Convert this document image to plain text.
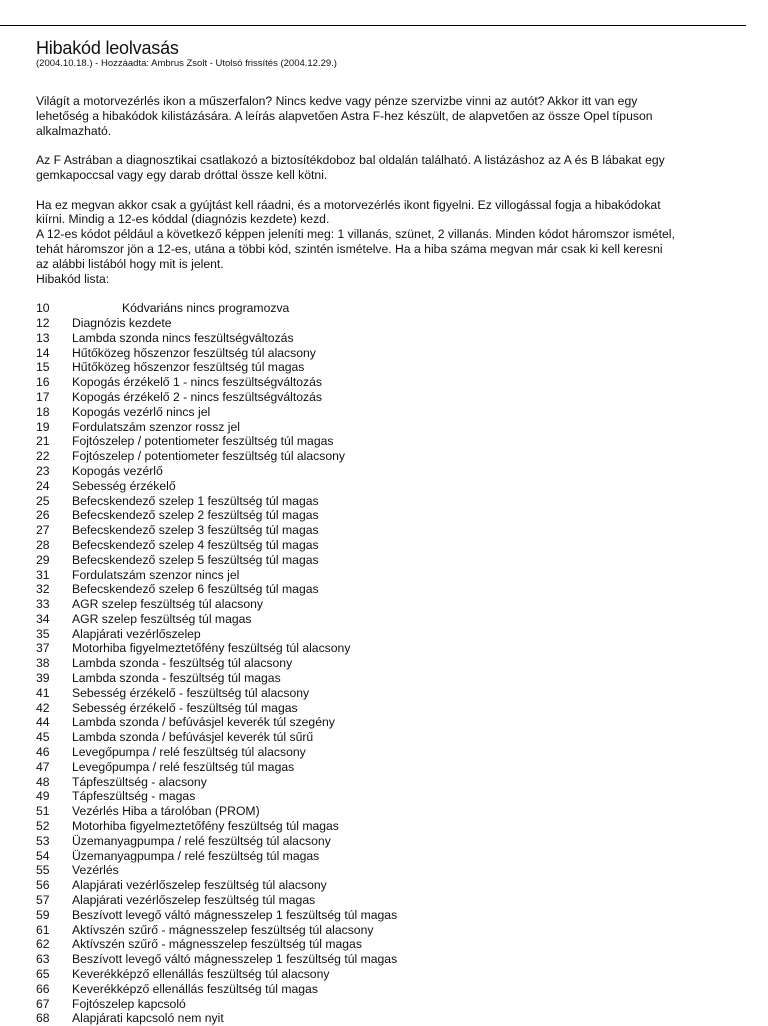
Hibakód leolvasás

(2004.10.18.) - Hozzáadta: Ambrus Zsolt - Utolsó frissítés (2004.12.29.)

Világít a motorvezérlés ikon a műszerfalon? Nincs kedve vagy pénze szervizbe vinni az autót? Akkor itt van egy
lehetőség a hibakódok kilistázására. A leírás alapvetően Astra F-hez készült, de alapvetően az össze Opel típuson
alkalmazható.

Az F Astrában a diagnosztikai csatlakozó a biztosítékdoboz bal oldalán található. A listázáshoz az A és B lábakat egy
gemkapoccsal vagy egy darab dróttal össze kell kötni.

Ha ez megvan akkor csak a gyújtást kell ráadni, és a motorvezérlés ikont figyelni. Ez villogással fogja a hibakódokat
kiírni. Mindig a 12-es kóddal (diagnózis kezdete) kezd.
A 12-es kódot például a következő képpen jeleníti meg: 1 villanás, szünet, 2 villanás. Minden kódot háromszor ismétel,
tehát háromszor jön a 12-es, utána a többi kód, szintén ismételve. Ha a hiba száma megvan már csak ki kell keresni
az alábbi listából hogy mit is jelent.
Hibakód lista:

10	Kódvariáns nincs programozva
12	Diagnózis kezdete
13	Lambda szonda nincs feszültségváltozás
14	Hűtőközeg hőszenzor feszültség túl alacsony
15	Hűtőközeg hőszenzor feszültség túl magas
16	Kopogás érzékelő 1 - nincs feszültségváltozás
17	Kopogás érzékelő 2 - nincs feszültségváltozás
18	Kopogás vezérlő nincs jel
19	Fordulatszám szenzor rossz jel
21	Fojtószelep / potentiometer feszültség túl magas
22	Fojtószelep / potentiometer feszültség túl alacsony
23	Kopogás vezérlő
24	Sebesség érzékelő
25	Befecskendező szelep 1 feszültség túl magas
26	Befecskendező szelep 2 feszültség túl magas
27	Befecskendező szelep 3 feszültség túl magas
28	Befecskendező szelep 4 feszültség túl magas
29	Befecskendező szelep 5 feszültség túl magas
31	Fordulatszám szenzor nincs jel
32	Befecskendező szelep 6 feszültség túl magas
33	AGR szelep feszültség túl alacsony
34	AGR szelep feszültség túl magas
35	Alapjárati vezérlőszelep
37	Motorhiba figyelmeztetőfény feszültség túl alacsony
38	Lambda szonda - feszültség túl alacsony
39	Lambda szonda - feszültség túl magas
41	Sebesség érzékelő - feszültség túl alacsony
42	Sebesség érzékelő - feszültség túl magas
44	Lambda szonda / befúvásjel keverék túl szegény
45	Lambda szonda / befúvásjel keverék túl sűrű
46	Levegőpumpa / relé feszültség túl alacsony
47	Levegőpumpa / relé feszültség túl magas
48	Tápfeszültség - alacsony
49	Tápfeszültség - magas
51	Vezérlés Hiba a tárolóban (PROM)
52	Motorhiba figyelmeztetőfény feszültség túl magas
53	Üzemanyagpumpa / relé feszültség túl alacsony
54	Üzemanyagpumpa / relé feszültség túl magas
55	Vezérlés
56	Alapjárati vezérlőszelep feszültség túl alacsony
57	Alapjárati vezérlőszelep feszültség túl magas
59	Beszívott levegő váltó mágnesszelep 1 feszültség túl magas
61	Aktívszén szűrő - mágnesszelep feszültség túl alacsony
62	Aktívszén szűrő - mágnesszelep feszültség túl magas
63	Beszívott levegő váltó mágnesszelep 1 feszültség túl magas
65	Keverékképző ellenállás feszültség túl alacsony
66	Keverékképző ellenállás feszültség túl magas
67	Fojtószelep kapcsoló
68	Alapjárati kapcsoló nem nyit
